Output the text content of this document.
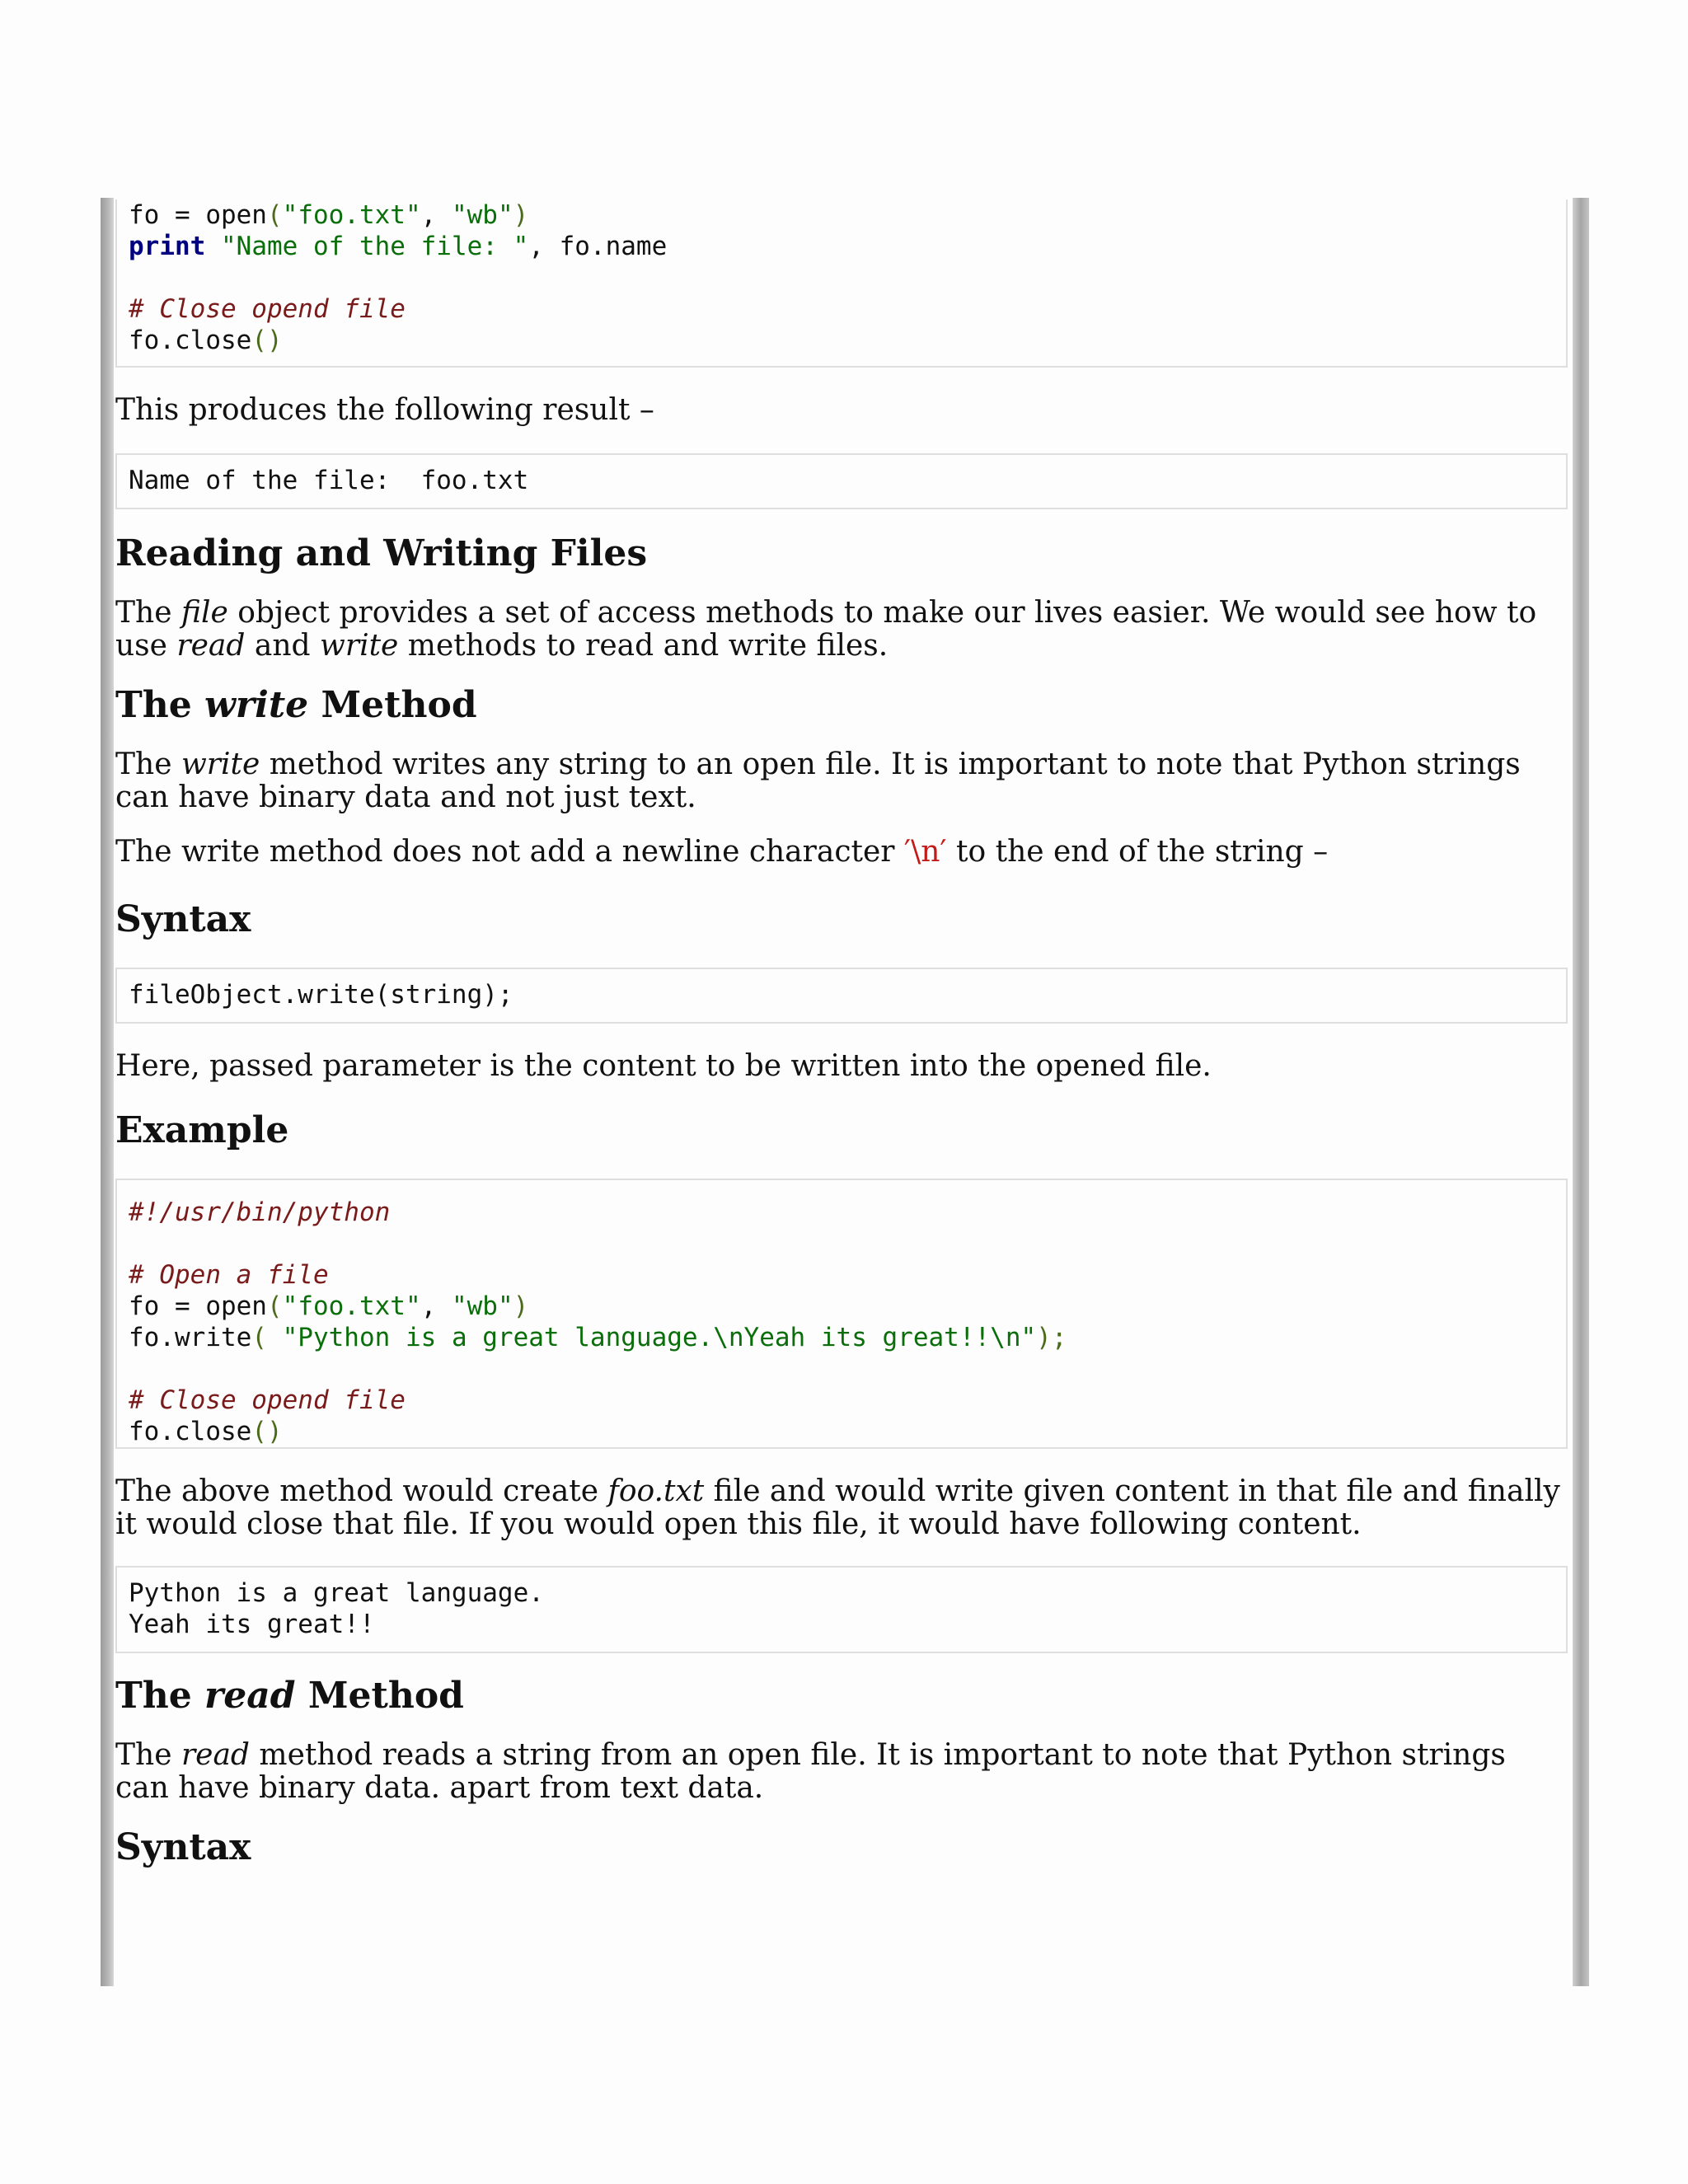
fo = open("foo.txt", "wb")
print "Name of the file: ", fo.name
# Close opend file
fo.close()

This produces the following result –

Name of the file:  foo.txt
Reading and Writing Files

The file object provides a set of access methods to make our lives easier. We would see how to use read and write methods to read and write files.

The write Method

The write method writes any string to an open file. It is important to note that Python strings can have binary data and not just text.

The write method does not add a newline character ′\n′ to the end of the string –

Syntax
fileObject.write(string);

Here, passed parameter is the content to be written into the opened file.

Example
#!/usr/bin/python
# Open a file
fo = open("foo.txt", "wb")
fo.write( "Python is a great language.\nYeah its great!!\n");
# Close opend file
fo.close()

The above method would create foo.txt file and would write given content in that file and finally it would close that file. If you would open this file, it would have following content.

Python is a great language.
Yeah its great!!
The read Method

The read method reads a string from an open file. It is important to note that Python strings can have binary data. apart from text data.

Syntax
